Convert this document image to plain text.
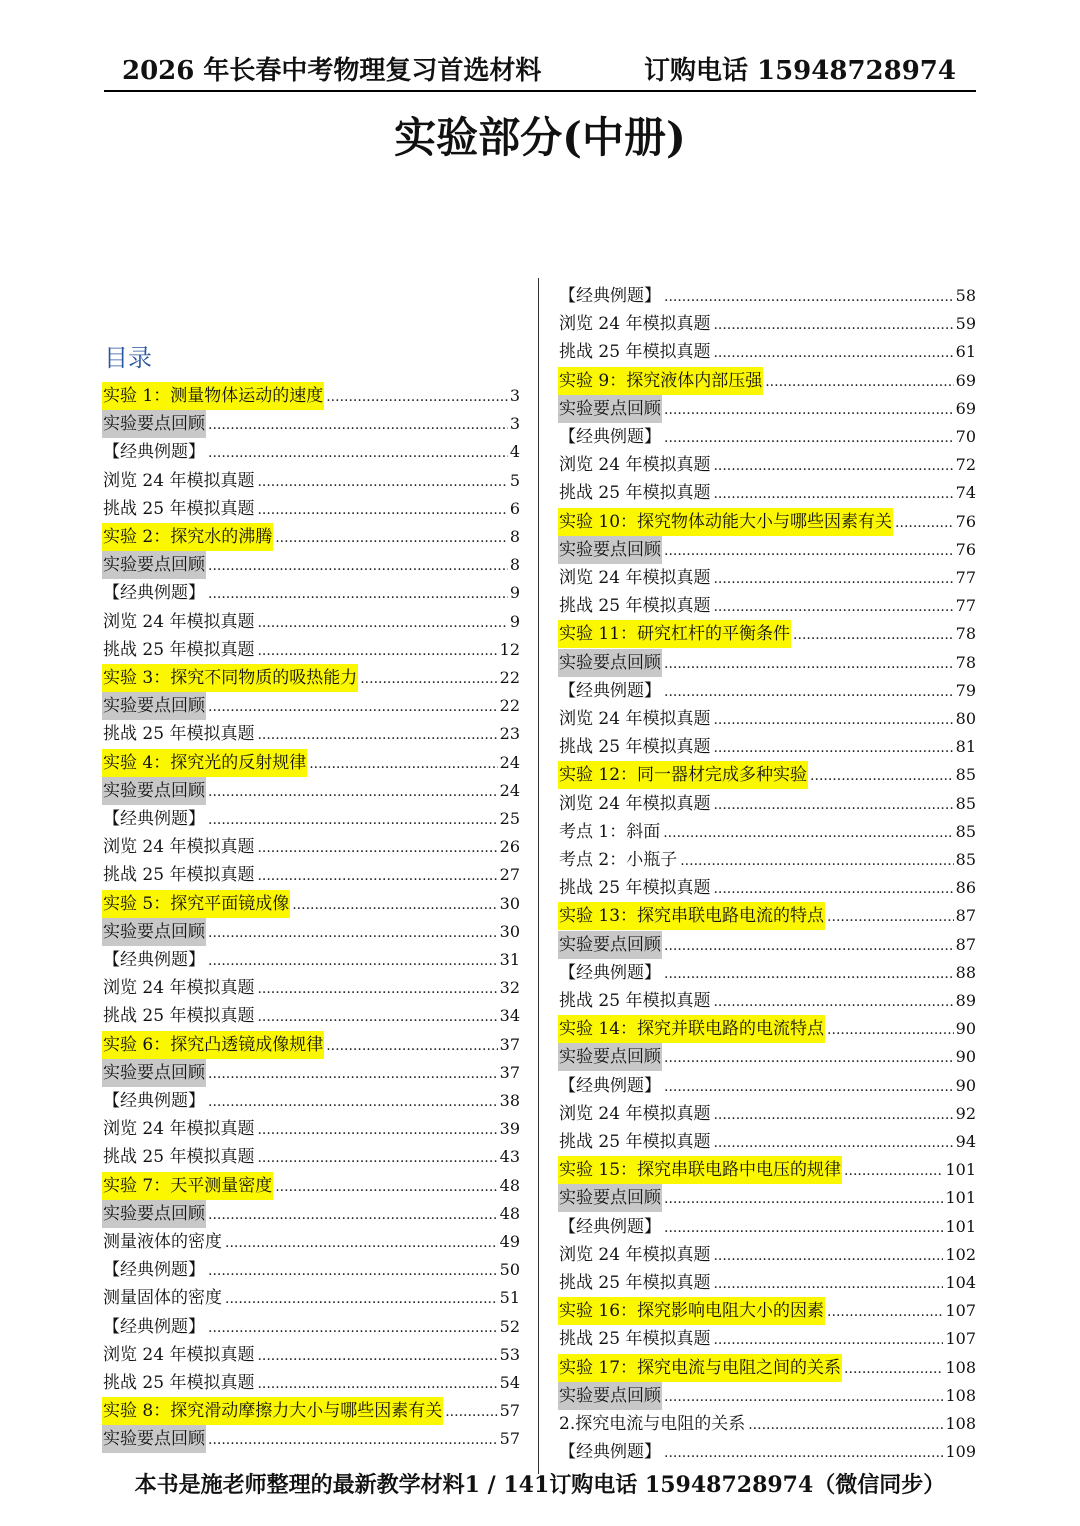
2026 年长春中考物理复习首选材料	订购电话 15948728974
实验部分(中册)
目录
实验 1：测量物体运动的速度 .....	3
实验要点回顾 .....	3
【经典例题】 .....	4
浏览 24 年模拟真题 .....	5
挑战 25 年模拟真题 .....	6
实验 2：探究水的沸腾 .....	8
实验要点回顾 .....	8
【经典例题】 .....	9
浏览 24 年模拟真题 .....	9
挑战 25 年模拟真题 .....	12
实验 3：探究不同物质的吸热能力 .....	22
实验要点回顾 .....	22
挑战 25 年模拟真题 .....	23
实验 4：探究光的反射规律 .....	24
实验要点回顾 .....	24
【经典例题】 .....	25
浏览 24 年模拟真题 .....	26
挑战 25 年模拟真题 .....	27
实验 5：探究平面镜成像 .....	30
实验要点回顾 .....	30
【经典例题】 .....	31
浏览 24 年模拟真题 .....	32
挑战 25 年模拟真题 .....	34
实验 6：探究凸透镜成像规律 .....	37
实验要点回顾 .....	37
【经典例题】 .....	38
浏览 24 年模拟真题 .....	39
挑战 25 年模拟真题 .....	43
实验 7：天平测量密度 .....	48
实验要点回顾 .....	48
测量液体的密度 .....	49
【经典例题】 .....	50
测量固体的密度 .....	51
【经典例题】 .....	52
浏览 24 年模拟真题 .....	53
挑战 25 年模拟真题 .....	54
实验 8：探究滑动摩擦力大小与哪些因素有关 .....	57
实验要点回顾 .....	57
【经典例题】 .....	58
浏览 24 年模拟真题 .....	59
挑战 25 年模拟真题 .....	61
实验 9：探究液体内部压强 .....	69
实验要点回顾 .....	69
【经典例题】 .....	70
浏览 24 年模拟真题 .....	72
挑战 25 年模拟真题 .....	74
实验 10：探究物体动能大小与哪些因素有关 .....	76
实验要点回顾 .....	76
浏览 24 年模拟真题 .....	77
挑战 25 年模拟真题 .....	77
实验 11：研究杠杆的平衡条件 .....	78
实验要点回顾 .....	78
【经典例题】 .....	79
浏览 24 年模拟真题 .....	80
挑战 25 年模拟真题 .....	81
实验 12：同一器材完成多种实验 .....	85
浏览 24 年模拟真题 .....	85
考点 1：斜面 .....	85
考点 2：小瓶子 .....	85
挑战 25 年模拟真题 .....	86
实验 13：探究串联电路电流的特点 .....	87
实验要点回顾 .....	87
【经典例题】 .....	88
挑战 25 年模拟真题 .....	89
实验 14：探究并联电路的电流特点 .....	90
实验要点回顾 .....	90
【经典例题】 .....	90
浏览 24 年模拟真题 .....	92
挑战 25 年模拟真题 .....	94
实验 15：探究串联电路中电压的规律 .....	101
实验要点回顾 .....	101
【经典例题】 .....	101
浏览 24 年模拟真题 .....	102
挑战 25 年模拟真题 .....	104
实验 16：探究影响电阻大小的因素 .....	107
挑战 25 年模拟真题 .....	107
实验 17：探究电流与电阻之间的关系 .....	108
实验要点回顾 .....	108
2.探究电流与电阻的关系 .....	108
【经典例题】 .....	109
本书是施老师整理的最新教学材料1 / 141订购电话 15948728974（微信同步）
